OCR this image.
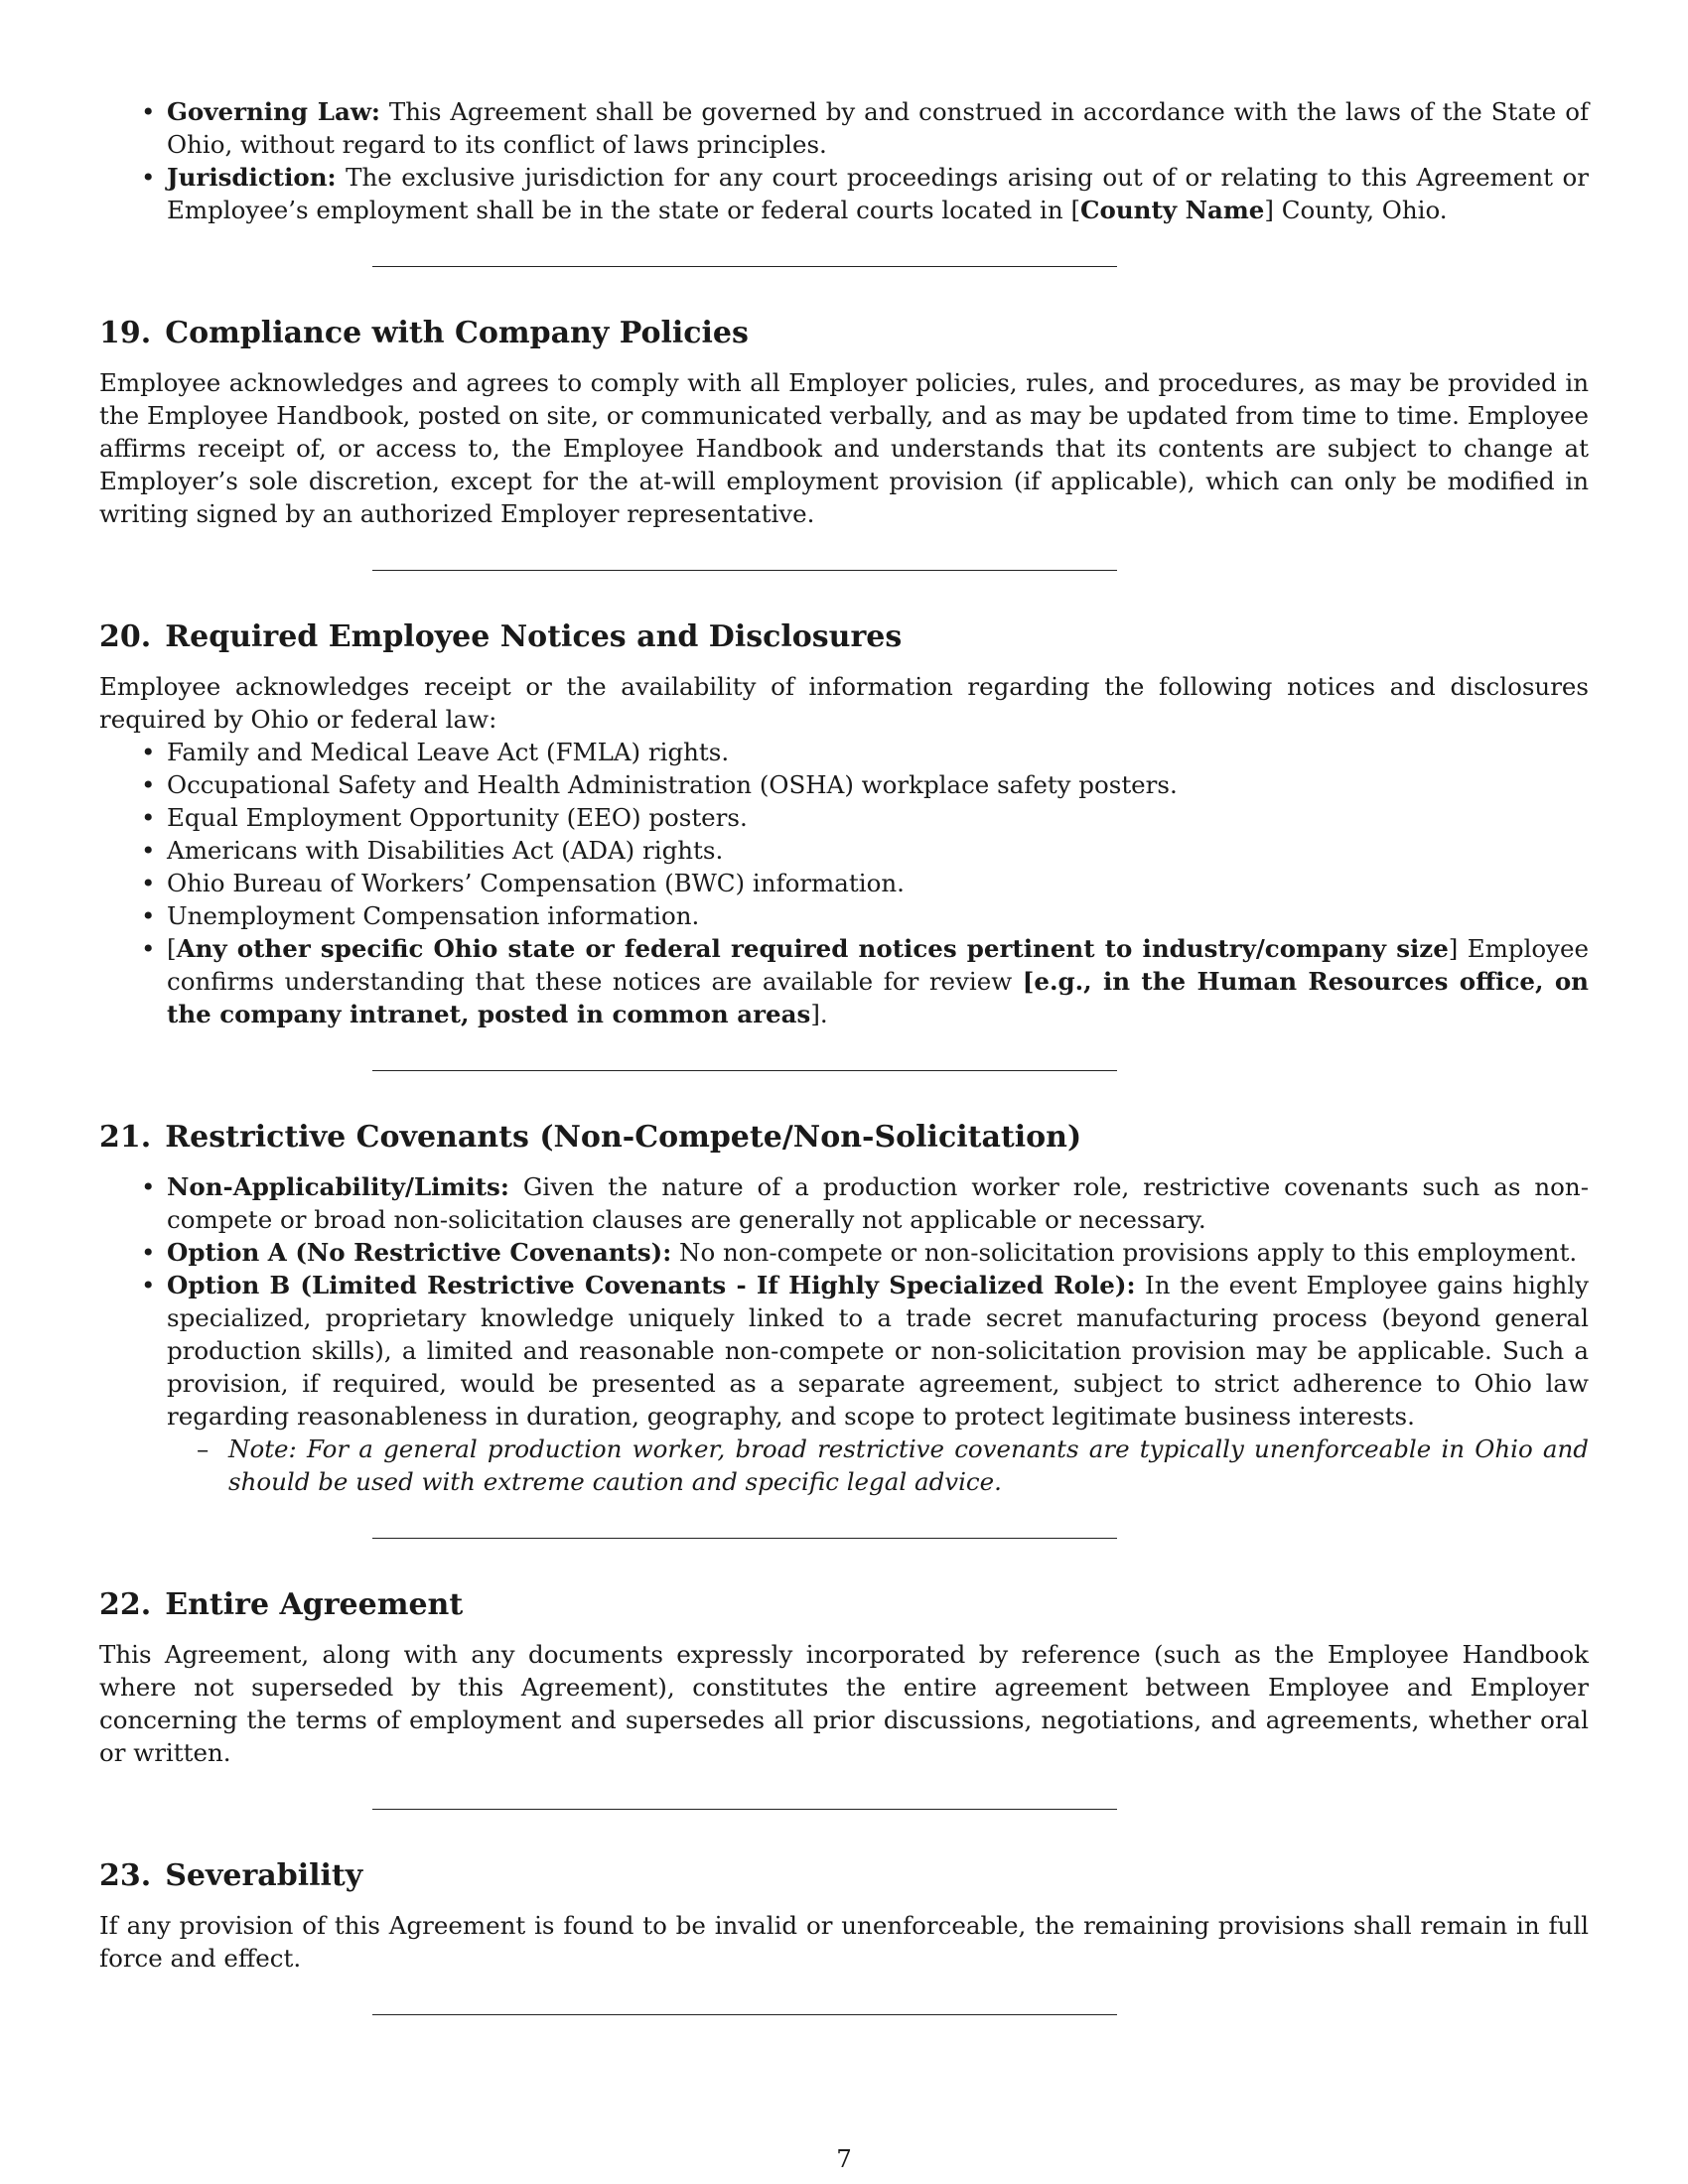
• Governing Law: This Agreement shall be governed by and construed in accordance with the laws of the State of Ohio, without regard to its conflict of laws principles.
• Jurisdiction: The exclusive jurisdiction for any court proceedings arising out of or relating to this Agreement or Employee’s employment shall be in the state or federal courts located in [County Name] County, Ohio.
19. Compliance with Company Policies

Employee acknowledges and agrees to comply with all Employer policies, rules, and procedures, as may be provided in the Employee Handbook, posted on site, or communicated verbally, and as may be updated from time to time. Employee affirms receipt of, or access to, the Employee Handbook and understands that its contents are subject to change at Employer’s sole discretion, except for the at-will employment provision (if applicable), which can only be modified in writing signed by an authorized Employer representative.

20. Required Employee Notices and Disclosures

Employee acknowledges receipt or the availability of information regarding the following notices and disclosures required by Ohio or federal law:

• Family and Medical Leave Act (FMLA) rights.
• Occupational Safety and Health Administration (OSHA) workplace safety posters.
• Equal Employment Opportunity (EEO) posters.
• Americans with Disabilities Act (ADA) rights.
• Ohio Bureau of Workers’ Compensation (BWC) information.
• Unemployment Compensation information.
• [Any other specific Ohio state or federal required notices pertinent to industry/company size] Employee confirms understanding that these notices are available for review [e.g., in the Human Resources office, on the company intranet, posted in common areas].
21. Restrictive Covenants (Non-Compete/Non-Solicitation)
• Non-Applicability/Limits: Given the nature of a production worker role, restrictive covenants such as non-compete or broad non-solicitation clauses are generally not applicable or necessary.
• Option A (No Restrictive Covenants): No non-compete or non-solicitation provisions apply to this employment.
• Option B (Limited Restrictive Covenants - If Highly Specialized Role): In the event Employee gains highly specialized, proprietary knowledge uniquely linked to a trade secret manufacturing process (beyond general production skills), a limited and reasonable non-compete or non-solicitation provision may be applicable. Such a provision, if required, would be presented as a separate agreement, subject to strict adherence to Ohio law regarding reasonableness in duration, geography, and scope to protect legitimate business interests.
– Note: For a general production worker, broad restrictive covenants are typically unenforceable in Ohio and should be used with extreme caution and specific legal advice.
22. Entire Agreement

This Agreement, along with any documents expressly incorporated by reference (such as the Employee Handbook where not superseded by this Agreement), constitutes the entire agreement between Employee and Employer concerning the terms of employment and supersedes all prior discussions, negotiations, and agreements, whether oral or written.

23. Severability

If any provision of this Agreement is found to be invalid or unenforceable, the remaining provisions shall remain in full force and effect.

7
